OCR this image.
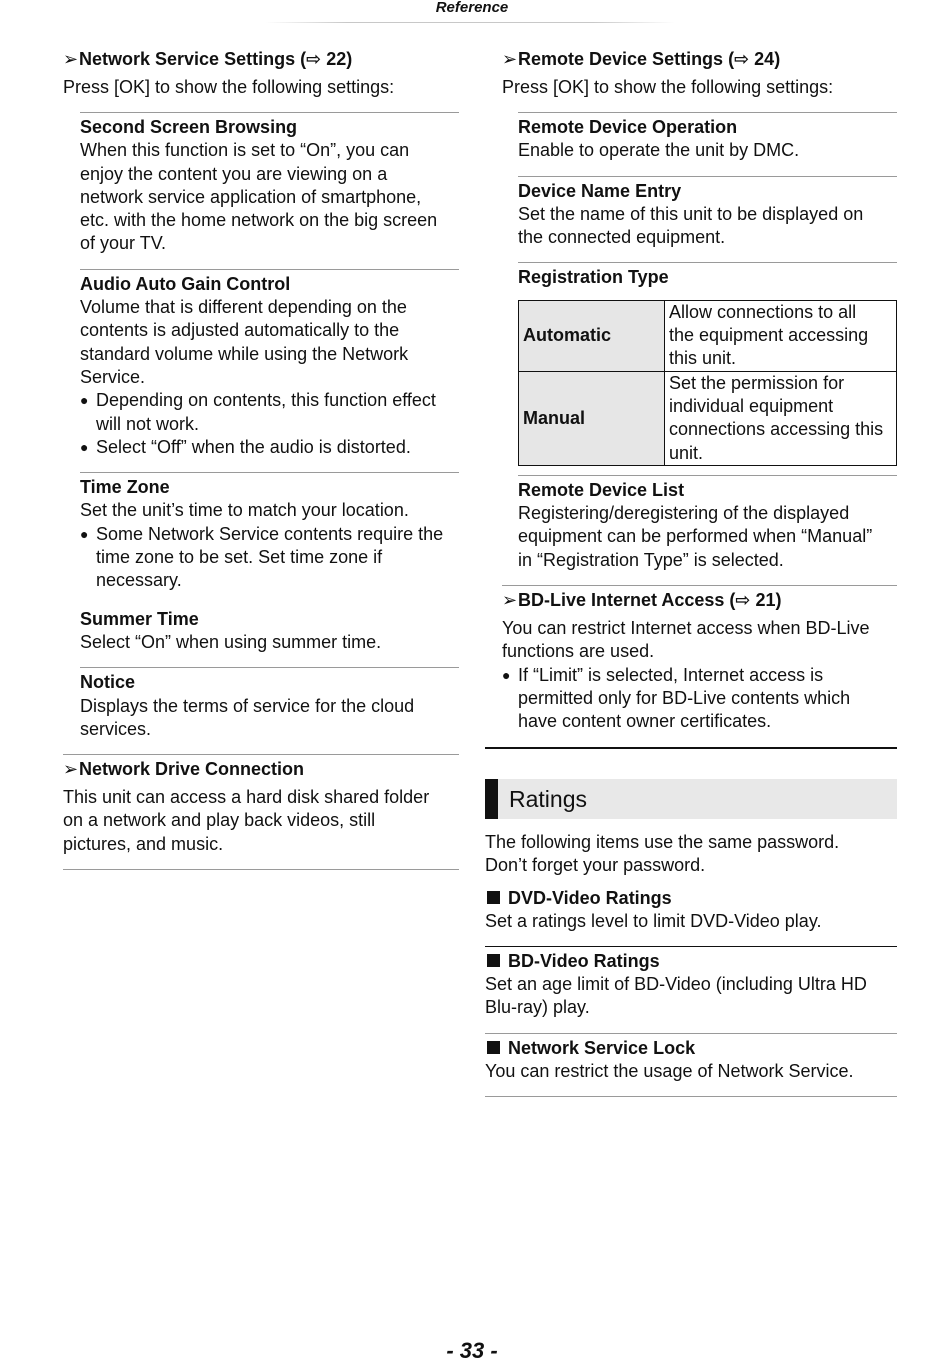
Reference

➢Network Service Settings (⇨ 22)

Press [OK] to show the following settings:

Second Screen Browsing

When this function is set to “On”, you can

enjoy the content you are viewing on a

network service application of smartphone,

etc. with the home network on the big screen

of your TV.

Audio Auto Gain Control

Volume that is different depending on the

contents is adjusted automatically to the

standard volume while using the Network

Service.

● Depending on contents, this function effect
will not work.
● Select “Off” when the audio is distorted.
Time Zone

Set the unit’s time to match your location.

● Some Network Service contents require the
time zone to be set. Set time zone if
necessary.
Summer Time

Select “On” when using summer time.

Notice

Displays the terms of service for the cloud

services.

➢Network Drive Connection

This unit can access a hard disk shared folder

on a network and play back videos, still

pictures, and music.

➢Remote Device Settings (⇨ 24)

Press [OK] to show the following settings:

Remote Device Operation

Enable to operate the unit by DMC.

Device Name Entry

Set the name of this unit to be displayed on

the connected equipment.

Registration Type
Automatic	Allow connections to all
the equipment accessing
this unit.

Manual	Set the permission for
individual equipment
connections accessing this
unit.
Remote Device List

Registering/deregistering of the displayed

equipment can be performed when “Manual”

in “Registration Type” is selected.

➢BD-Live Internet Access (⇨ 21)

You can restrict Internet access when BD-Live

functions are used.

● If “Limit” is selected, Internet access is
permitted only for BD-Live contents which
have content owner certificates.
Ratings

The following items use the same password.

Don’t forget your password.

DVD-Video Ratings

Set a ratings level to limit DVD-Video play.

BD-Video Ratings

Set an age limit of BD-Video (including Ultra HD

Blu-ray) play.

Network Service Lock

You can restrict the usage of Network Service.

- 33 -
